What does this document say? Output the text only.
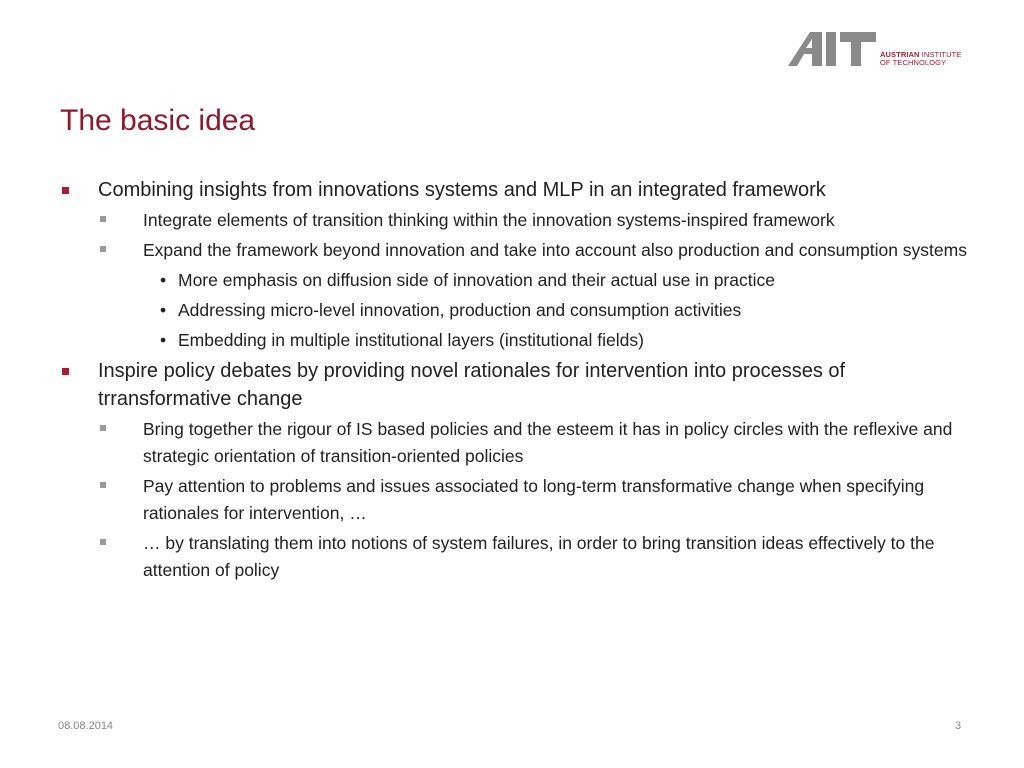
AUSTRIAN INSTITUTE
OF TECHNOLOGY
The basic idea
Combining insights from innovations systems and MLP in an integrated framework
Integrate elements of transition thinking within the innovation systems-inspired framework
Expand the framework beyond innovation and take into account also production and consumption systems
• More emphasis on diffusion side of innovation and their actual use in practice
• Addressing micro-level innovation, production and consumption activities
• Embedding in multiple institutional layers (institutional fields)
Inspire policy debates by providing novel rationales for intervention into processes of trransformative change
Bring together the rigour of IS based policies and the esteem it has in policy circles with the reflexive and strategic orientation of transition-oriented policies
Pay attention to problems and issues associated to long-term transformative change when specifying rationales for intervention, …
… by translating them into notions of system failures, in order to bring transition ideas effectively to the attention of policy
08.08.2014	3
